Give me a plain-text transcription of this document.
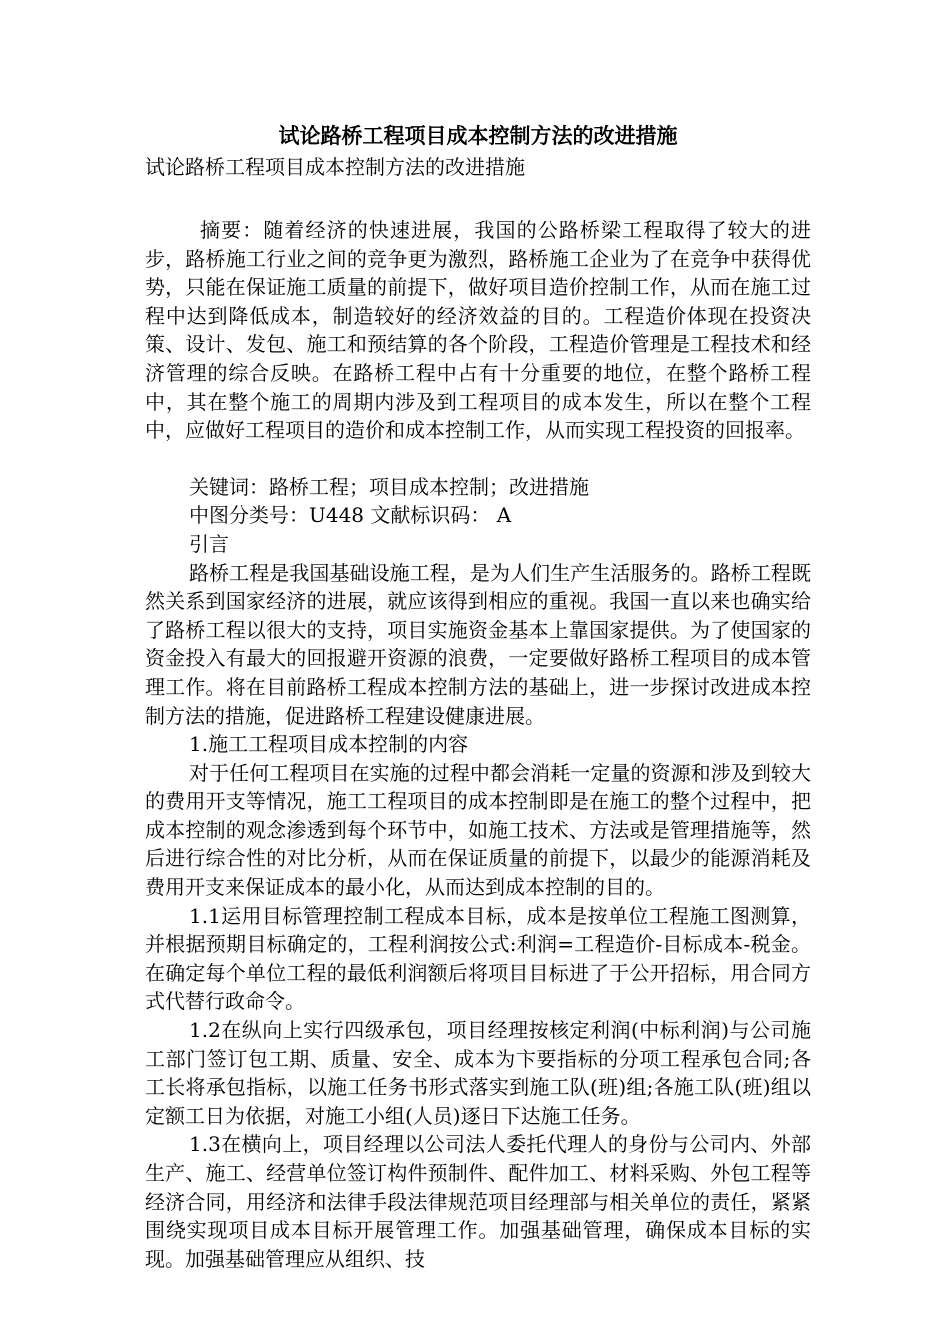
试论路桥工程项目成本控制方法的改进措施
试论路桥工程项目成本控制方法的改进措施

摘要：随着经济的快速进展，我国的公路桥梁工程取得了较大的进步，路桥施工行业之间的竞争更为激烈，路桥施工企业为了在竞争中获得优势，只能在保证施工质量的前提下，做好项目造价控制工作，从而在施工过程中达到降低成本，制造较好的经济效益的目的。工程造价体现在投资决策、设计、发包、施工和预结算的各个阶段，工程造价管理是工程技术和经济管理的综合反映。在路桥工程中占有十分重要的地位，在整个路桥工程中，其在整个施工的周期内涉及到工程项目的成本发生，所以在整个工程中，应做好工程项目的造价和成本控制工作，从而实现工程投资的回报率。

关键词：路桥工程；项目成本控制；改进措施

中图分类号：U448 文献标识码： A

引言

路桥工程是我国基础设施工程，是为人们生产生活服务的。路桥工程既然关系到国家经济的进展，就应该得到相应的重视。我国一直以来也确实给了路桥工程以很大的支持，项目实施资金基本上靠国家提供。为了使国家的资金投入有最大的回报避开资源的浪费，一定要做好路桥工程项目的成本管理工作。将在目前路桥工程成本控制方法的基础上，进一步探讨改进成本控制方法的措施，促进路桥工程建设健康进展。

1.施工工程项目成本控制的内容

对于任何工程项目在实施的过程中都会消耗一定量的资源和涉及到较大的费用开支等情况，施工工程项目的成本控制即是在施工的整个过程中，把成本控制的观念渗透到每个环节中，如施工技术、方法或是管理措施等，然后进行综合性的对比分析，从而在保证质量的前提下，以最少的能源消耗及费用开支来保证成本的最小化，从而达到成本控制的目的。

1.1运用目标管理控制工程成本目标，成本是按单位工程施工图测算，并根据预期目标确定的，工程利润按公式:利润=工程造价-目标成本-税金。在确定每个单位工程的最低利润额后将项目目标进了于公开招标，用合同方式代替行政命令。

1.2在纵向上实行四级承包，项目经理按核定利润(中标利润)与公司施工部门签订包工期、质量、安全、成本为卞要指标的分项工程承包合同;各工长将承包指标，以施工任务书形式落实到施工队(班)组;各施工队(班)组以定额工日为依据，对施工小组(人员)逐日下达施工任务。

1.3在横向上，项目经理以公司法人委托代理人的身份与公司内、外部生产、施工、经营单位签订构件预制件、配件加工、材料采购、外包工程等经济合同，用经济和法律手段法律规范项目经理部与相关单位的责任，紧紧围绕实现项目成本目标开展管理工作。加强基础管理，确保成本目标的实现。加强基础管理应从组织、技
